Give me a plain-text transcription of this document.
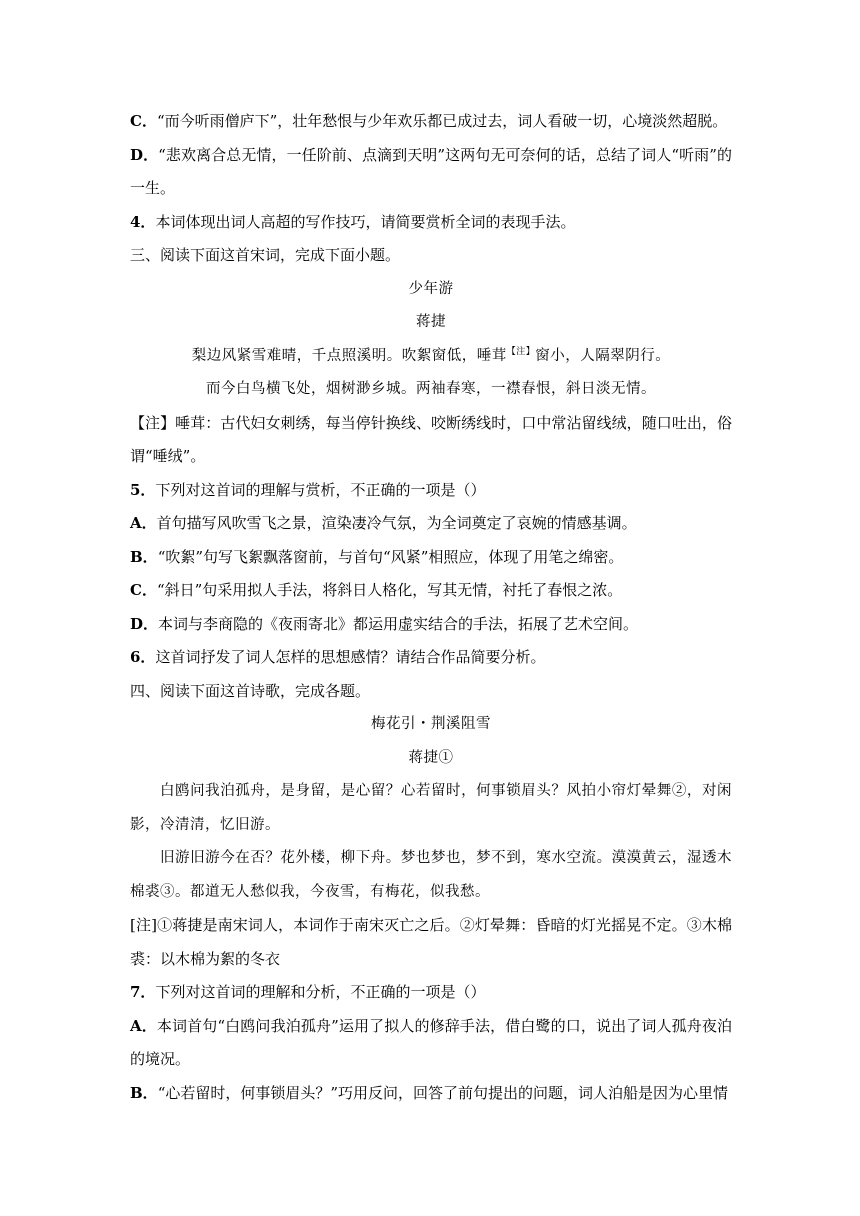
C．“而今听雨僧庐下”，壮年愁恨与少年欢乐都已成过去，词人看破一切，心境淡然超脱。
D．“悲欢离合总无情，一任阶前、点滴到天明”这两句无可奈何的话，总结了词人“听雨”的一生。
4．本词体现出词人高超的写作技巧，请简要赏析全词的表现手法。
三、阅读下面这首宋词，完成下面小题。
少年游
蒋捷
梨边风紧雪难晴，千点照溪明。吹絮窗低，唾茸$^{【注】}$窗小，人隔翠阴行。
而今白鸟横飞处，烟树渺乡城。两袖春寒，一襟春恨，斜日淡无情。
【注】唾茸：古代妇女刺绣，每当停针换线、咬断绣线时，口中常沾留线绒，随口吐出，俗谓“唾绒”。
5．下列对这首词的理解与赏析，不正确的一项是（）
A．首句描写风吹雪飞之景，渲染凄冷气氛，为全词奠定了哀婉的情感基调。
B．“吹絮”句写飞絮飘落窗前，与首句“风紧”相照应，体现了用笔之绵密。
C．“斜日”句采用拟人手法，将斜日人格化，写其无情，衬托了春恨之浓。
D．本词与李商隐的《夜雨寄北》都运用虚实结合的手法，拓展了艺术空间。
6．这首词抒发了词人怎样的思想感情？请结合作品简要分析。
四、阅读下面这首诗歌，完成各题。
梅花引・荆溪阻雪
蒋捷①
白鸥问我泊孤舟，是身留，是心留？心若留时，何事锁眉头？风拍小帘灯晕舞②，对闲影，冷清清，忆旧游。
旧游旧游今在否？花外楼，柳下舟。梦也梦也，梦不到，寒水空流。漠漠黄云，湿透木棉裘③。都道无人愁似我，今夜雪，有梅花，似我愁。
[注]①蒋捷是南宋词人，本词作于南宋灭亡之后。②灯晕舞：昏暗的灯光摇晃不定。③木棉裘：以木棉为絮的冬衣
7．下列对这首词的理解和分析，不正确的一项是（）
A．本词首句“白鸥问我泊孤舟”运用了拟人的修辞手法，借白鹭的口，说出了词人孤舟夜泊的境况。
B．“心若留时，何事锁眉头？”巧用反问，回答了前句提出的问题，词人泊船是因为心里情
